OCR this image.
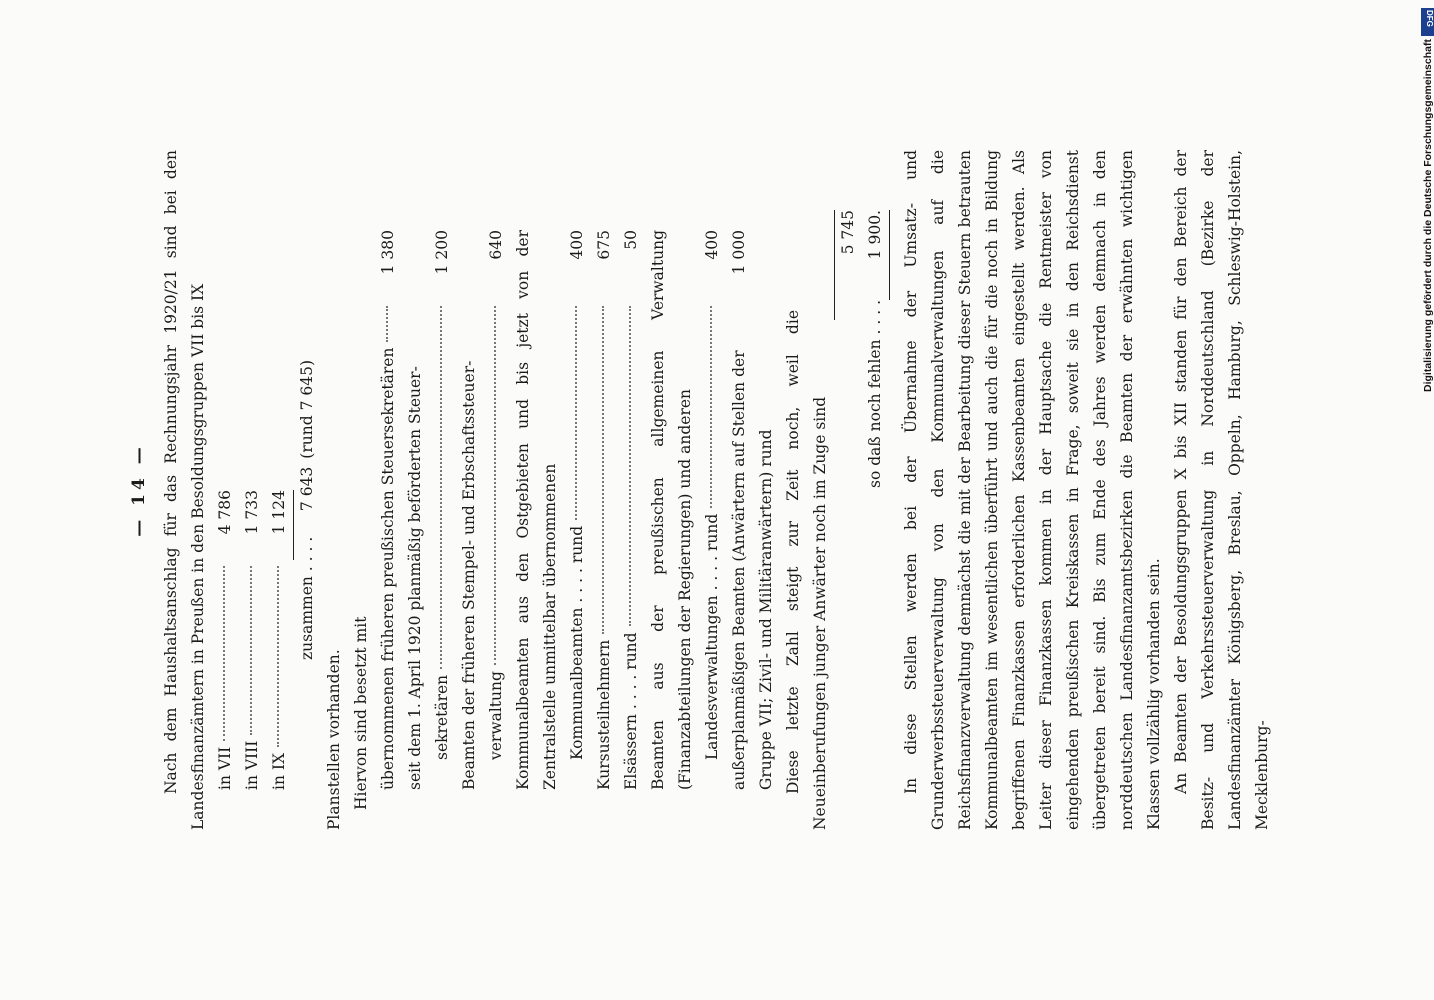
— 14 — Nach dem Haushaltsanschlag für das Rechnungsjahr 1920/21 sind bei den Landesfinanzämtern in Preußen in den Besoldungsgruppen VII bis IX in VII
4 786
in VIII
1 733
in IX
1 124
zusammen . . . .
7 643
(rund 7 645)
Planstellen vorhanden. Hiervon sind besetzt mit übernommenen früheren preußischen Steuersekretären
1 380
seit dem 1. April 1920 planmäßig beförderten Steuer- sekretären
1 200
Beamten der früheren Stempel- und Erbschaftssteuer- verwaltung
640 Kommunalbeamten aus den Ostgebieten und bis jetzt von der Zentralstelle unmittelbar übernommenen Kommunalbeamten . . . . rund
400
Kursusteilnehmern
675
Elsässern . . . . rund
50 Beamten aus der preußischen allgemeinen Verwaltung (Finanzabteilungen der Regierungen) und anderen Landesverwaltungen . . . . rund
400
außerplanmäßigen Beamten (Anwärtern auf Stellen der Gruppe VII; Zivil- und Militäranwärtern) rund
1 000
Diese letzte Zahl steigt zur Zeit noch, weil die Neueinberufungen junger Anwärter noch im Zuge sind
5 745
so daß noch fehlen . . . .
1 900.	In diese Stellen werden bei der Übernahme der Umsatz- und Grunderwerbssteuerverwaltung von den Kommunalverwaltungen auf die Reichsfinanzverwaltung demnächst die mit der Bearbeitung dieser Steuern betrauten Kommunalbeamten im wesentlichen überführt und auch die für die noch in Bildung begriffenen Finanzkassen erforderlichen Kassenbeamten eingestellt werden. Als Leiter dieser Finanzkassen kommen in der Hauptsache die Rentmeister von eingehenden preußischen Kreiskassen in Frage, soweit sie in den Reichsdienst übergetreten bereit sind. Bis zum Ende des Jahres werden demnach in den norddeutschen Landesfinanzamtsbezirken die Beamten der erwähnten wichtigen Klassen vollzählig vorhanden sein. An Beamten der Besoldungsgruppen X bis XII standen für den Bereich der Besitz- und Verkehrssteuerverwaltung in Norddeutschland (Bezirke der Landesfinanzämter Königsberg, Breslau, Oppeln, Hamburg, Schleswig-Holstein, Mecklenburg-

Digitalisierung gefördert durch die Deutsche Forschungsgemeinschaft
DFG
